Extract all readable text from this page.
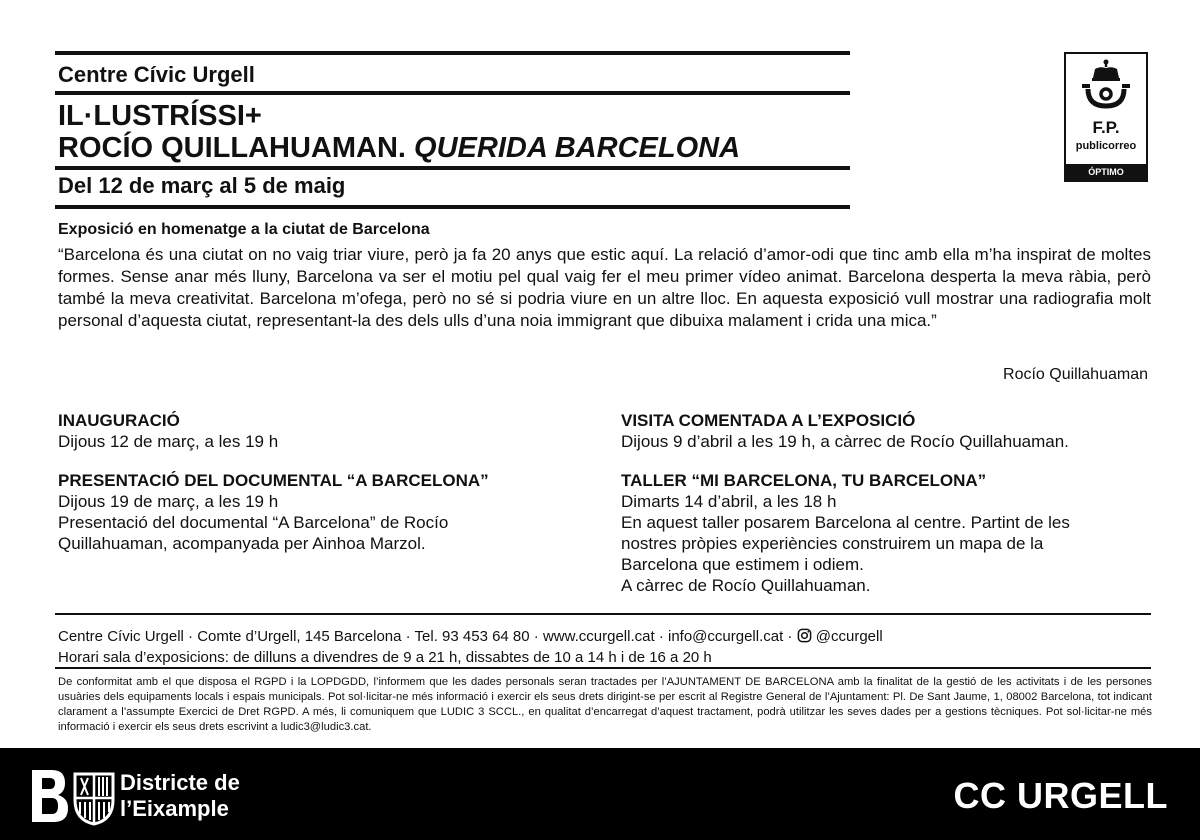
Centre Cívic Urgell
IL·LUSTRÍSSI+
ROCÍO QUILLAHUAMAN. QUERIDA BARCELONA
Del 12 de març al 5 de maig
F.P.
publicorreo
ÓPTIMO
Exposició en homenatge a la ciutat de Barcelona

“Barcelona és una ciutat on no vaig triar viure, però ja fa 20 anys que estic aquí. La relació d’amor-odi que tinc amb ella m’ha inspirat de moltes formes. Sense anar més lluny, Barcelona va ser el motiu pel qual vaig fer el meu primer vídeo animat. Barcelona desperta la meva ràbia, però també la meva creativitat. Barcelona m’ofega, però no sé si podria viure en un altre lloc. En aquesta exposició vull mostrar una radiografia molt personal d’aquesta ciutat, representant-la des dels ulls d’una noia immigrant que dibuixa malament i crida una mica.”

Rocío Quillahuaman
INAUGURACIÓ

Dijous 12 de març, a les 19 h

PRESENTACIÓ DEL DOCUMENTAL “A BARCELONA”

Dijous 19 de març, a les 19 h

Presentació del documental “A Barcelona” de Rocío

Quillahuaman, acompanyada per Ainhoa Marzol.

VISITA COMENTADA A L’EXPOSICIÓ

Dijous 9 d’abril a les 19 h, a càrrec de Rocío Quillahuaman.

TALLER “MI BARCELONA, TU BARCELONA”

Dimarts 14 d’abril, a les 18 h

En aquest taller posarem Barcelona al centre. Partint de les

nostres pròpies experiències construirem un mapa de la

Barcelona que estimem i odiem.

A càrrec de Rocío Quillahuaman.

Centre Cívic Urgell · Comte d’Urgell, 145 Barcelona · Tel. 93 453 64 80 · www.ccurgell.cat · info@ccurgell.cat ·  @ccurgell
Horari sala d’exposicions: de dilluns a divendres de 9 a 21 h, dissabtes de 10 a 14 h i de 16 a 20 h

De conformitat amb el que disposa el RGPD i la LOPDGDD, l’informem que les dades personals seran tractades per l’AJUNTAMENT DE BARCELONA amb la finalitat de la gestió de les activitats i de les persones usuàries dels equipaments locals i espais municipals. Pot sol·licitar-ne més informació i exercir els seus drets dirigint-se per escrit al Registre General de l’Ajuntament: Pl. De Sant Jaume, 1, 08002 Barcelona, tot indicant clarament a l’assumpte Exercici de Dret RGPD. A més, li comuniquem que LUDIC 3 SCCL., en qualitat d’encarregat d’aquest tractament, podrà utilitzar les seves dades per a gestions tècniques. Pot sol·licitar-ne més informació i exercir els seus drets escrivint a ludic3@ludic3.cat.

Districte de
l’Eixample	CC URGELL
